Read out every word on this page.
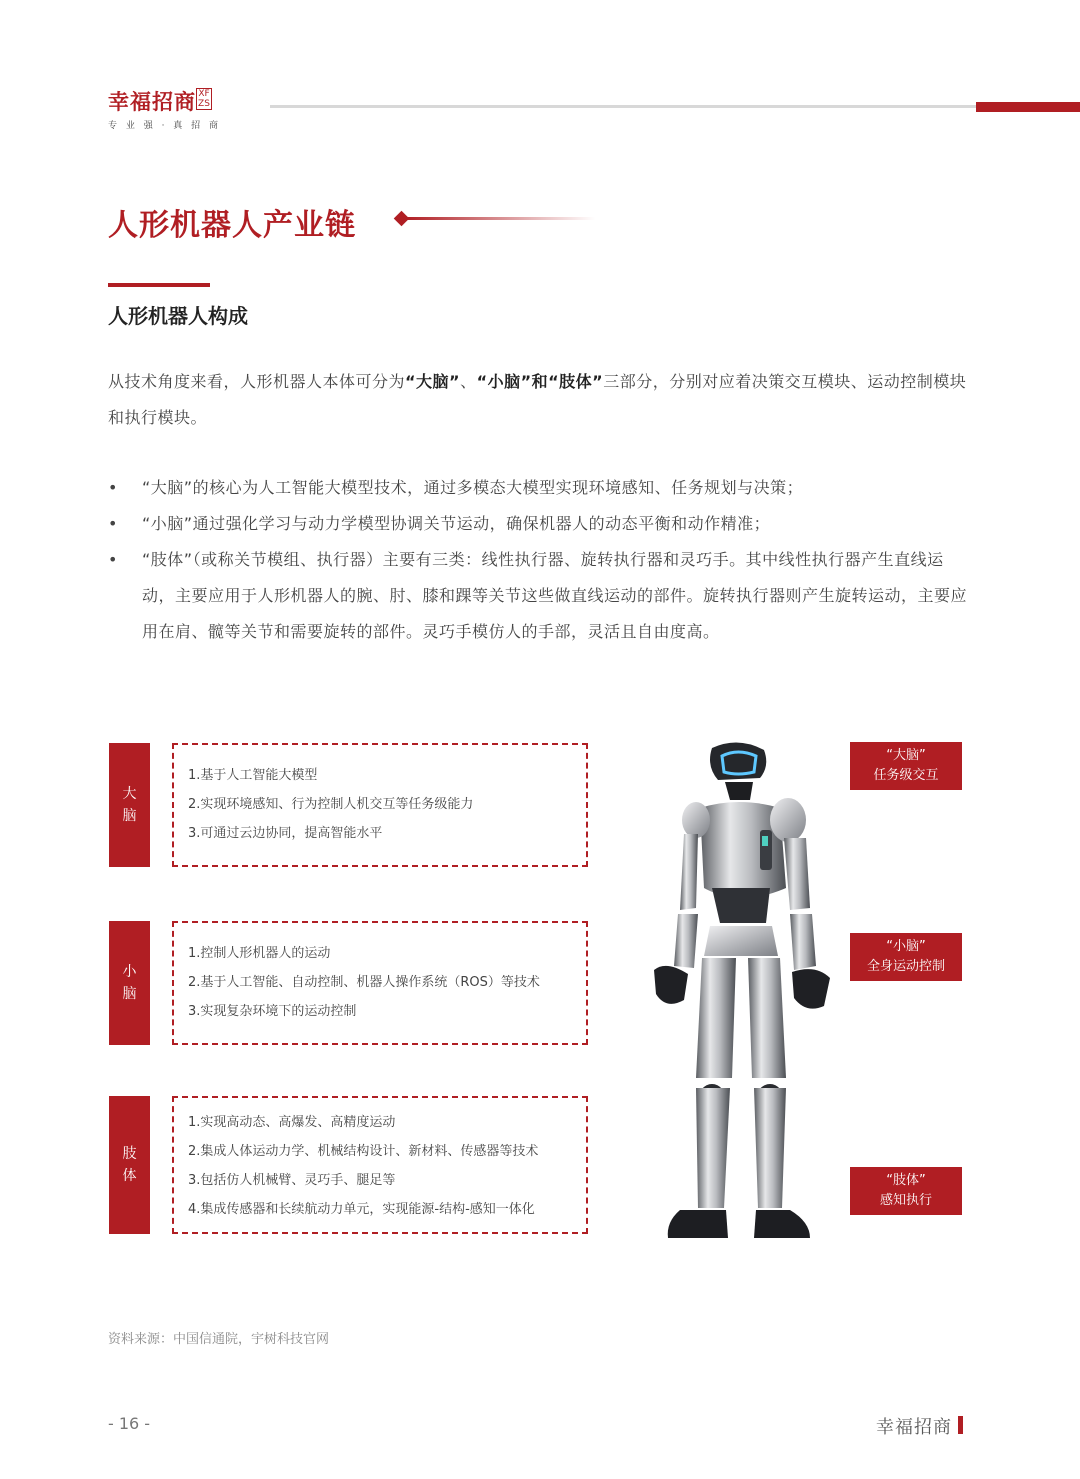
幸福招商 XF ZS
专 业 强 · 真 招 商
人形机器人产业链
人形机器人构成
从技术角度来看，人形机器人本体可分为“大脑”、“小脑”和“肢体”三部分，分别对应着决策交互模块、运动控制模块和执行模块。
• “大脑”的核心为人工智能大模型技术，通过多模态大模型实现环境感知、任务规划与决策；
• “小脑”通过强化学习与动力学模型协调关节运动，确保机器人的动态平衡和动作精准；
• “肢体”（或称关节模组、执行器）主要有三类：线性执行器、旋转执行器和灵巧手。其中线性执行器产生直线运动，主要应用于人形机器人的腕、肘、膝和踝等关节这些做直线运动的部件。旋转执行器则产生旋转运动，主要应用在肩、髋等关节和需要旋转的部件。灵巧手模仿人的手部，灵活且自由度高。
大
脑
1.基于人工智能大模型
2.实现环境感知、行为控制人机交互等任务级能力
3.可通过云边协同，提高智能水平
小
脑
1.控制人形机器人的运动
2.基于人工智能、自动控制、机器人操作系统（ROS）等技术
3.实现复杂环境下的运动控制
肢
体
1.实现高动态、高爆发、高精度运动
2.集成人体运动力学、机械结构设计、新材料、传感器等技术
3.包括仿人机械臂、灵巧手、腿足等
4.集成传感器和长续航动力单元，实现能源-结构-感知一体化
“大脑”
任务级交互
“小脑”
全身运动控制
“肢体”
感知执行
资料来源：中国信通院，宇树科技官网
- 16 -	幸福招商
